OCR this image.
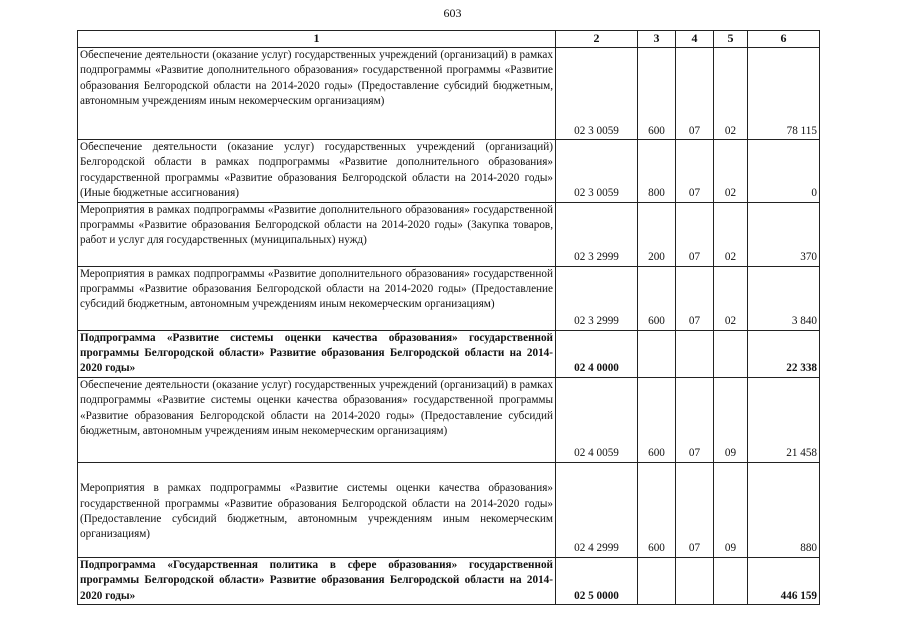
603
1	2	3	4	5	6
Обеспечение деятельности (оказание услуг) государственных учреждений (организаций) в рамках подпрограммы «Развитие дополнительного образования» государственной программы «Развитие образования Белгородской области на 2014-2020 годы» (Предоставление субсидий бюджетным, автономным учреждениям иным некомерческим организациям)	02 3 0059	600	07	02	78 115
Обеспечение деятельности (оказание услуг) государственных учреждений (организаций) Белгородской области в рамках подпрограммы «Развитие дополнительного образования» государственной программы «Развитие образования Белгородской области на 2014-2020 годы» (Иные бюджетные ассигнования)	02 3 0059	800	07	02	0
Мероприятия в рамках подпрограммы «Развитие дополнительного образования» государственной программы «Развитие образования Белгородской области на 2014-2020 годы» (Закупка товаров, работ и услуг для государственных (муниципальных) нужд)	02 3 2999	200	07	02	370
Мероприятия в рамках подпрограммы «Развитие дополнительного образования» государственной программы «Развитие образования Белгородской области на 2014-2020 годы» (Предоставление субсидий бюджетным, автономным учреждениям иным некомерческим организациям)	02 3 2999	600	07	02	3 840
Подпрограмма «Развитие системы оценки качества образования» государственной программы Белгородской области» Развитие образования Белгородской области на 2014-2020 годы»	02 4 0000				22 338
Обеспечение деятельности (оказание услуг) государственных учреждений (организаций) в рамках подпрограммы «Развитие системы оценки качества образования» государственной программы «Развитие образования Белгородской области на 2014-2020 годы» (Предоставление субсидий бюджетным, автономным учреждениям иным некомерческим организациям)	02 4 0059	600	07	09	21 458
Мероприятия в рамках подпрограммы «Развитие системы оценки качества образования» государственной программы «Развитие образования Белгородской области на 2014-2020 годы» (Предоставление субсидий бюджетным, автономным учреждениям иным некомерческим организациям)	02 4 2999	600	07	09	880
Подпрограмма «Государственная политика в сфере образования» государственной программы Белгородской области» Развитие образования Белгородской области на 2014-2020 годы»	02 5 0000				446 159
